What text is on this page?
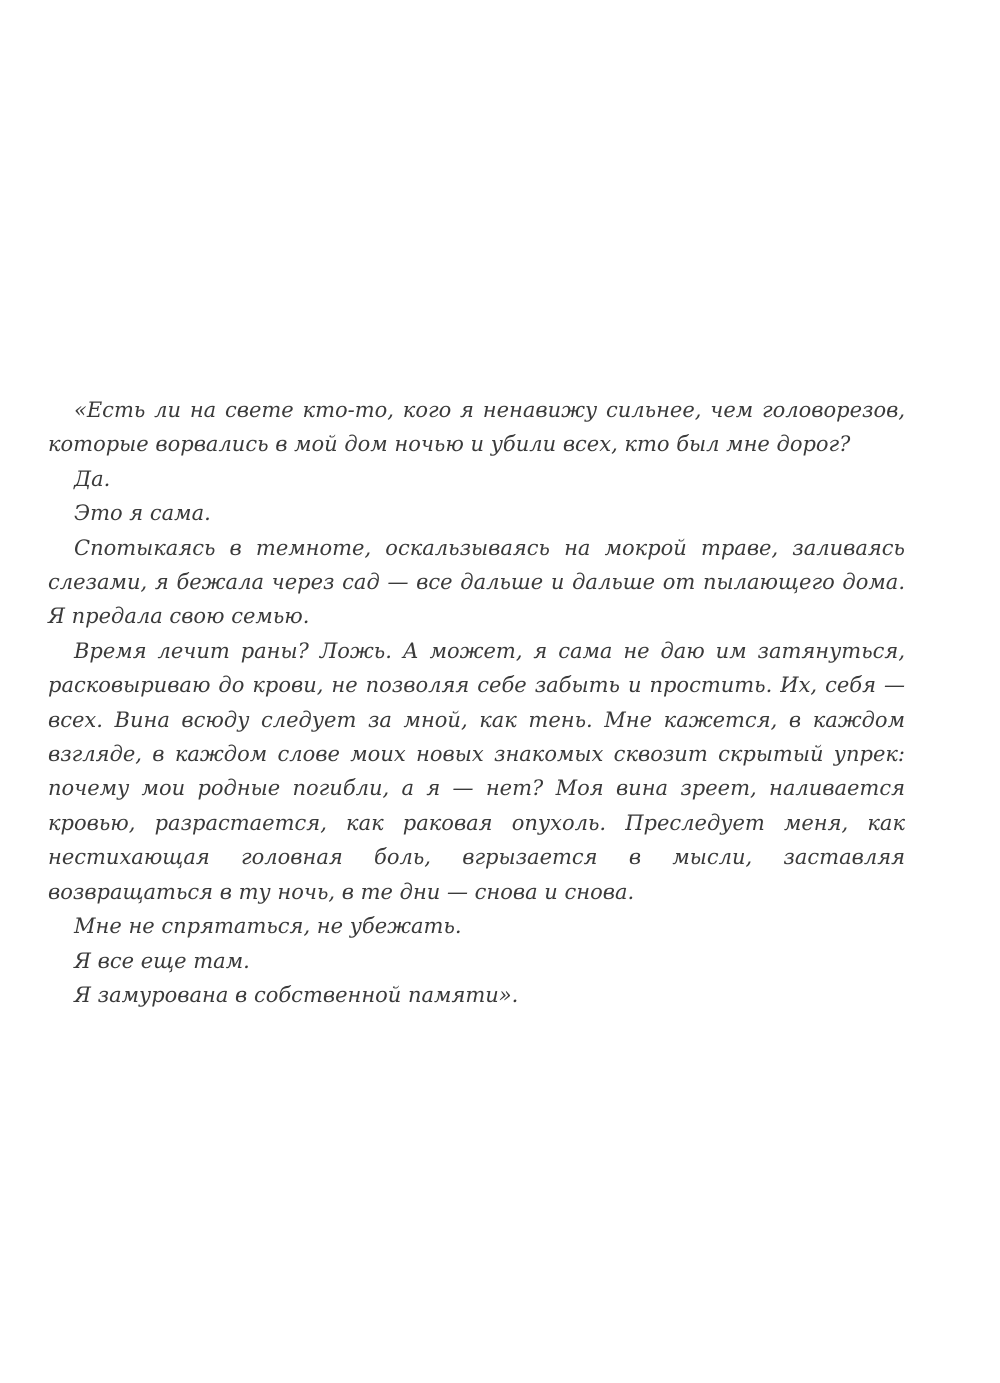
«Есть ли на свете кто-то, кого я ненавижу сильнее, чем головорезов, которые ворвались в мой дом ночью и убили всех, кто был мне дорог?

Да.

Это я сама.

Спотыкаясь в темноте, оскальзываясь на мокрой траве, заливаясь слезами, я бежала через сад — все дальше и дальше от пылающего дома. Я предала свою семью.

Время лечит раны? Ложь. А может, я сама не даю им затянуться, расковыриваю до крови, не позволяя себе забыть и простить. Их, себя — всех. Вина всюду следует за мной, как тень. Мне кажется, в каждом взгляде, в каждом слове моих новых знакомых сквозит скрытый упрек: почему мои родные погибли, а я — нет? Моя вина зреет, наливается кровью, разрастается, как раковая опухоль. Преследует меня, как нестихающая головная боль, вгрызается в мысли, заставляя возвращаться в ту ночь, в те дни — снова и снова.

Мне не спрятаться, не убежать.

Я все еще там.

Я замурована в собственной памяти».
